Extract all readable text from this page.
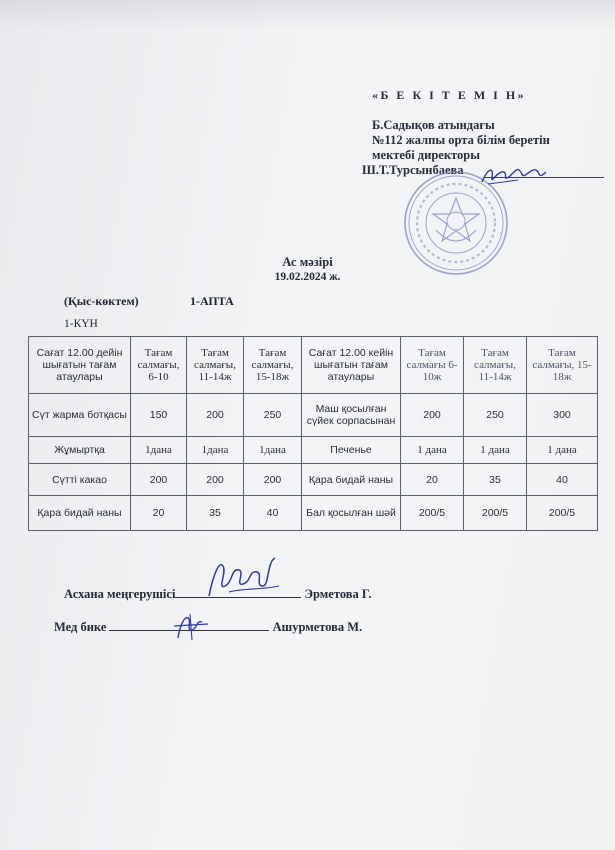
«Б Е К І Т Е М І Н»
Б.Садықов атындағы
№112 жалпы орта білім беретін
мектебі директоры
Ш.Т.Турсынбаева
Ас мәзірі
19.02.2024 ж.
(Қыс-көктем)	1-АПТА
1-КҮН
Сағат 12.00 дейін шығатын тағам атаулары	Тағам салмағы, 6-10	Тағам салмағы, 11-14ж	Тағам салмағы, 15-18ж	Сағат 12.00 кейін шығатын тағам атаулары	Тағам салмағы 6-10ж	Тағам салмағы, 11-14ж	Тағам салмағы, 15-18ж
Сүт жарма ботқасы	150	200	250	Маш қосылған сүйек сорпасынан	200	250	300
Жұмыртқа	1дана	1дана	1дана	Печенье	1 дана	1 дана	1 дана
Сүтті какао	200	200	200	Қара бидай наны	20	35	40
Қара бидай наны	20	35	40	Бал қосылған шәй	200/5	200/5	200/5
Асхана меңгерушісі	Эрметова Г.
Мед бике	Ашурметова М.
